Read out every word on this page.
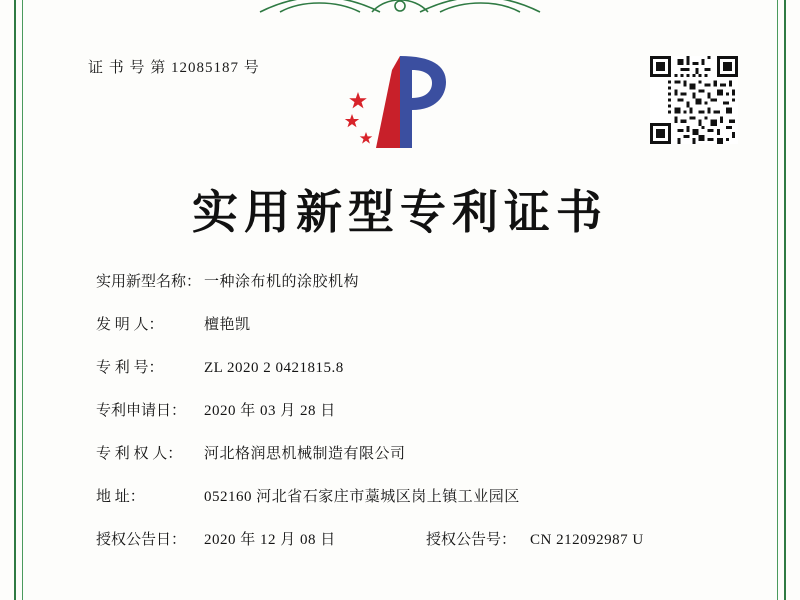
证 书 号 第 12085187 号
实用新型专利证书
实用新型名称： 一种涂布机的涂胶机构
发 明 人：	檀艳凯
专 利 号：	ZL 2020 2 0421815.8
专利申请日：	2020 年 03 月 28 日
专 利 权 人：	河北格润思机械制造有限公司
地 址：	052160 河北省石家庄市藁城区岗上镇工业园区
授权公告日：	2020 年 12 月 08 日	授权公告号： CN 212092987 U
